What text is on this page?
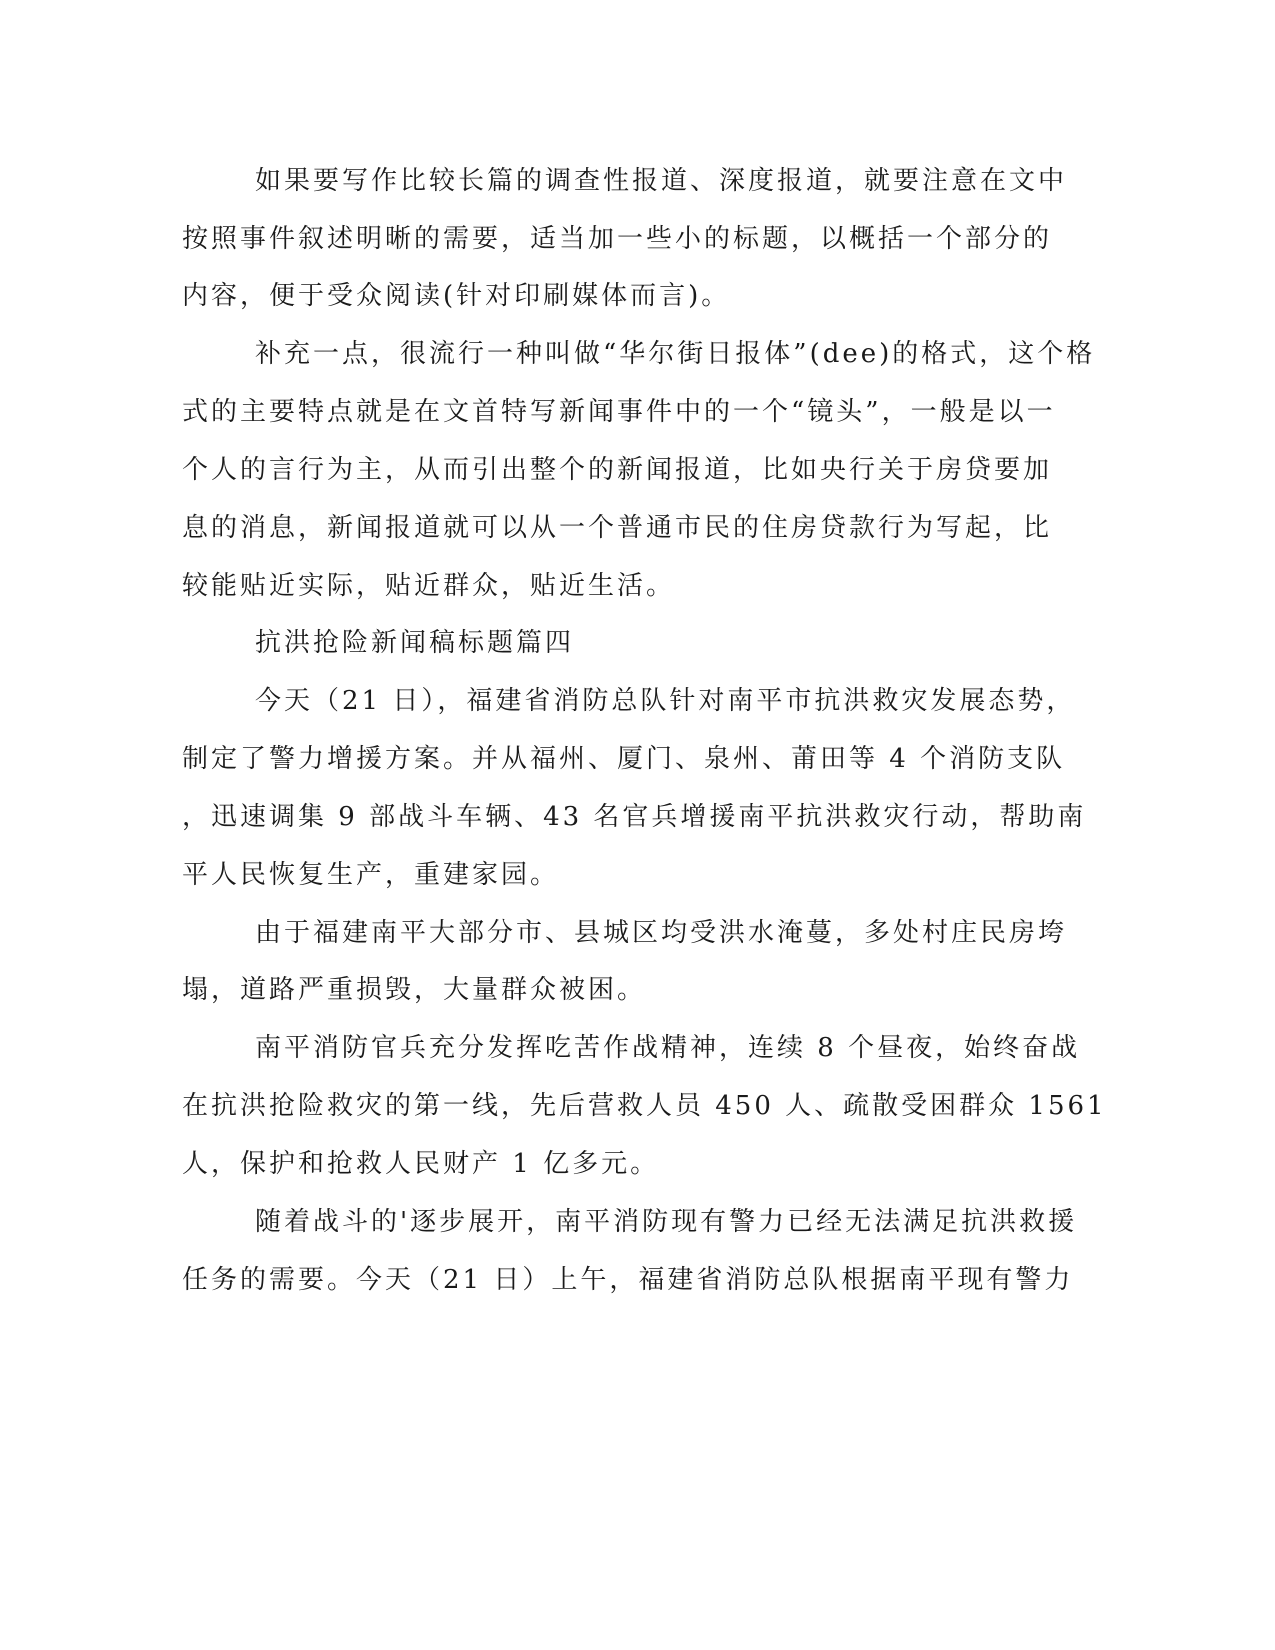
如果要写作比较长篇的调查性报道、深度报道，就要注意在文中

按照事件叙述明晰的需要，适当加一些小的标题，以概括一个部分的

内容，便于受众阅读(针对印刷媒体而言)。

补充一点，很流行一种叫做“华尔街日报体”(dee)的格式，这个格

式的主要特点就是在文首特写新闻事件中的一个“镜头”，一般是以一

个人的言行为主，从而引出整个的新闻报道，比如央行关于房贷要加

息的消息，新闻报道就可以从一个普通市民的住房贷款行为写起，比

较能贴近实际，贴近群众，贴近生活。

抗洪抢险新闻稿标题篇四

今天（21 日），福建省消防总队针对南平市抗洪救灾发展态势，

制定了警力增援方案。并从福州、厦门、泉州、莆田等 4 个消防支队

，迅速调集 9 部战斗车辆、43 名官兵增援南平抗洪救灾行动，帮助南

平人民恢复生产，重建家园。

由于福建南平大部分市、县城区均受洪水淹蔓，多处村庄民房垮

塌，道路严重损毁，大量群众被困。

南平消防官兵充分发挥吃苦作战精神，连续 8 个昼夜，始终奋战

在抗洪抢险救灾的第一线，先后营救人员 450 人、疏散受困群众 1561

人，保护和抢救人民财产 1 亿多元。

随着战斗的'逐步展开，南平消防现有警力已经无法满足抗洪救援

任务的需要。今天（21 日）上午，福建省消防总队根据南平现有警力
